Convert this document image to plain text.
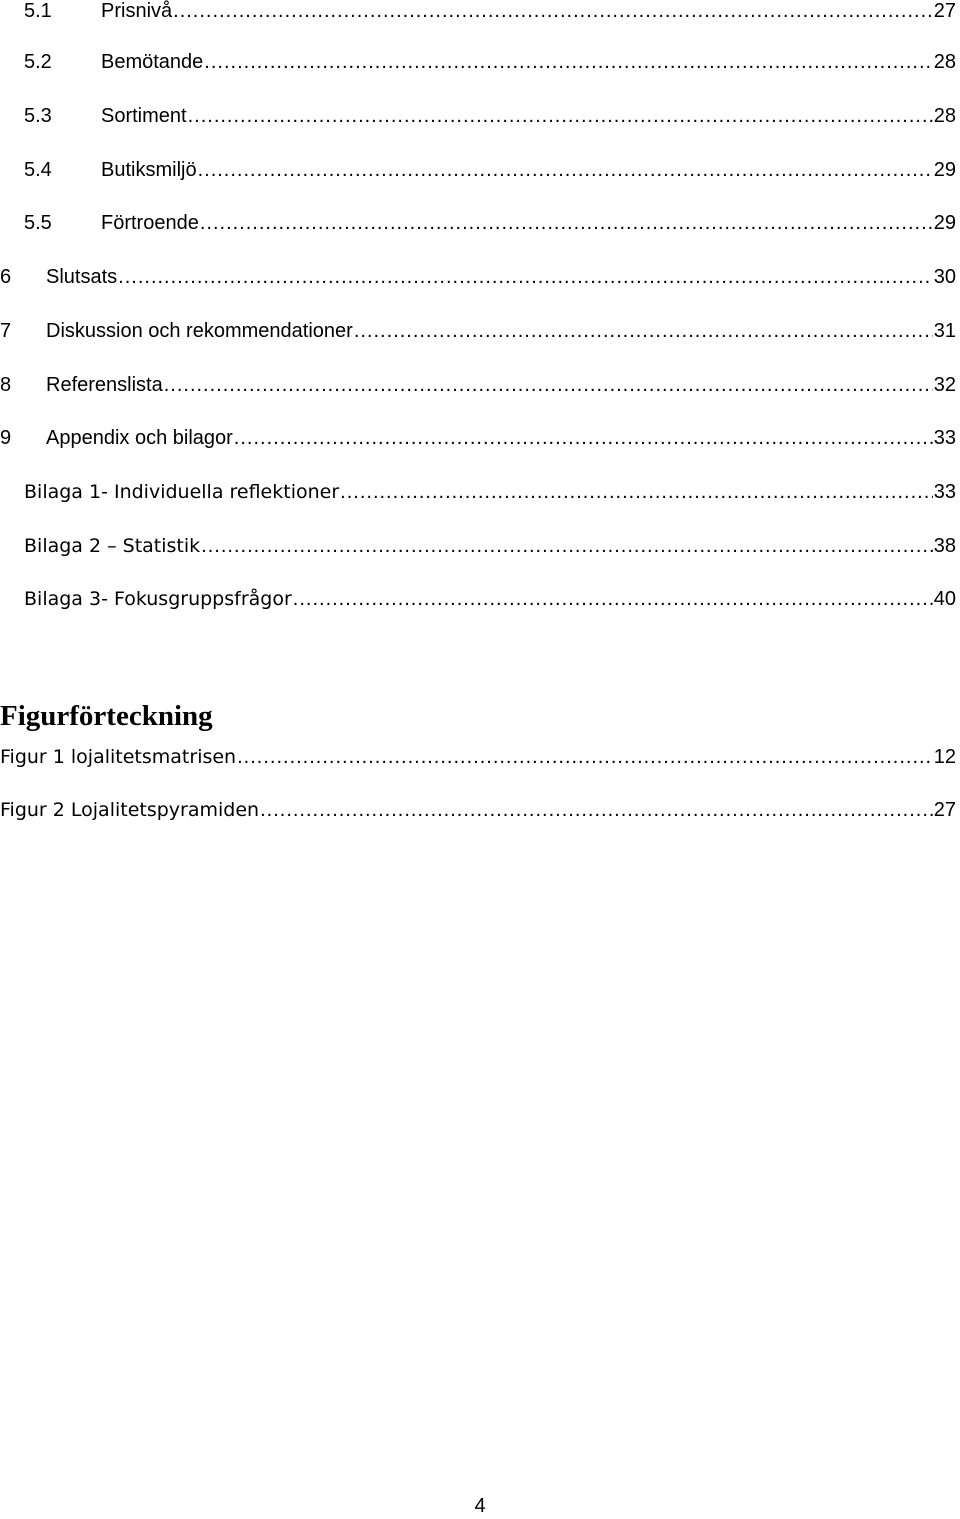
5.1	Prisnivå .....	27
5.2	Bemötande .....	28
5.3	Sortiment .....	28
5.4	Butiksmiljö .....	29
5.5	Förtroende .....	29
6	Slutsats .....	30
7	Diskussion och rekommendationer .....	31
8	Referenslista .....	32
9	Appendix och bilagor .....	33
Bilaga 1- Individuella reflektioner .....	33
Bilaga 2 – Statistik .....	38
Bilaga 3- Fokusgruppsfrågor .....	40
Figurförteckning
Figur 1 lojalitetsmatrisen .....	12
Figur 2 Lojalitetspyramiden .....	27
4
